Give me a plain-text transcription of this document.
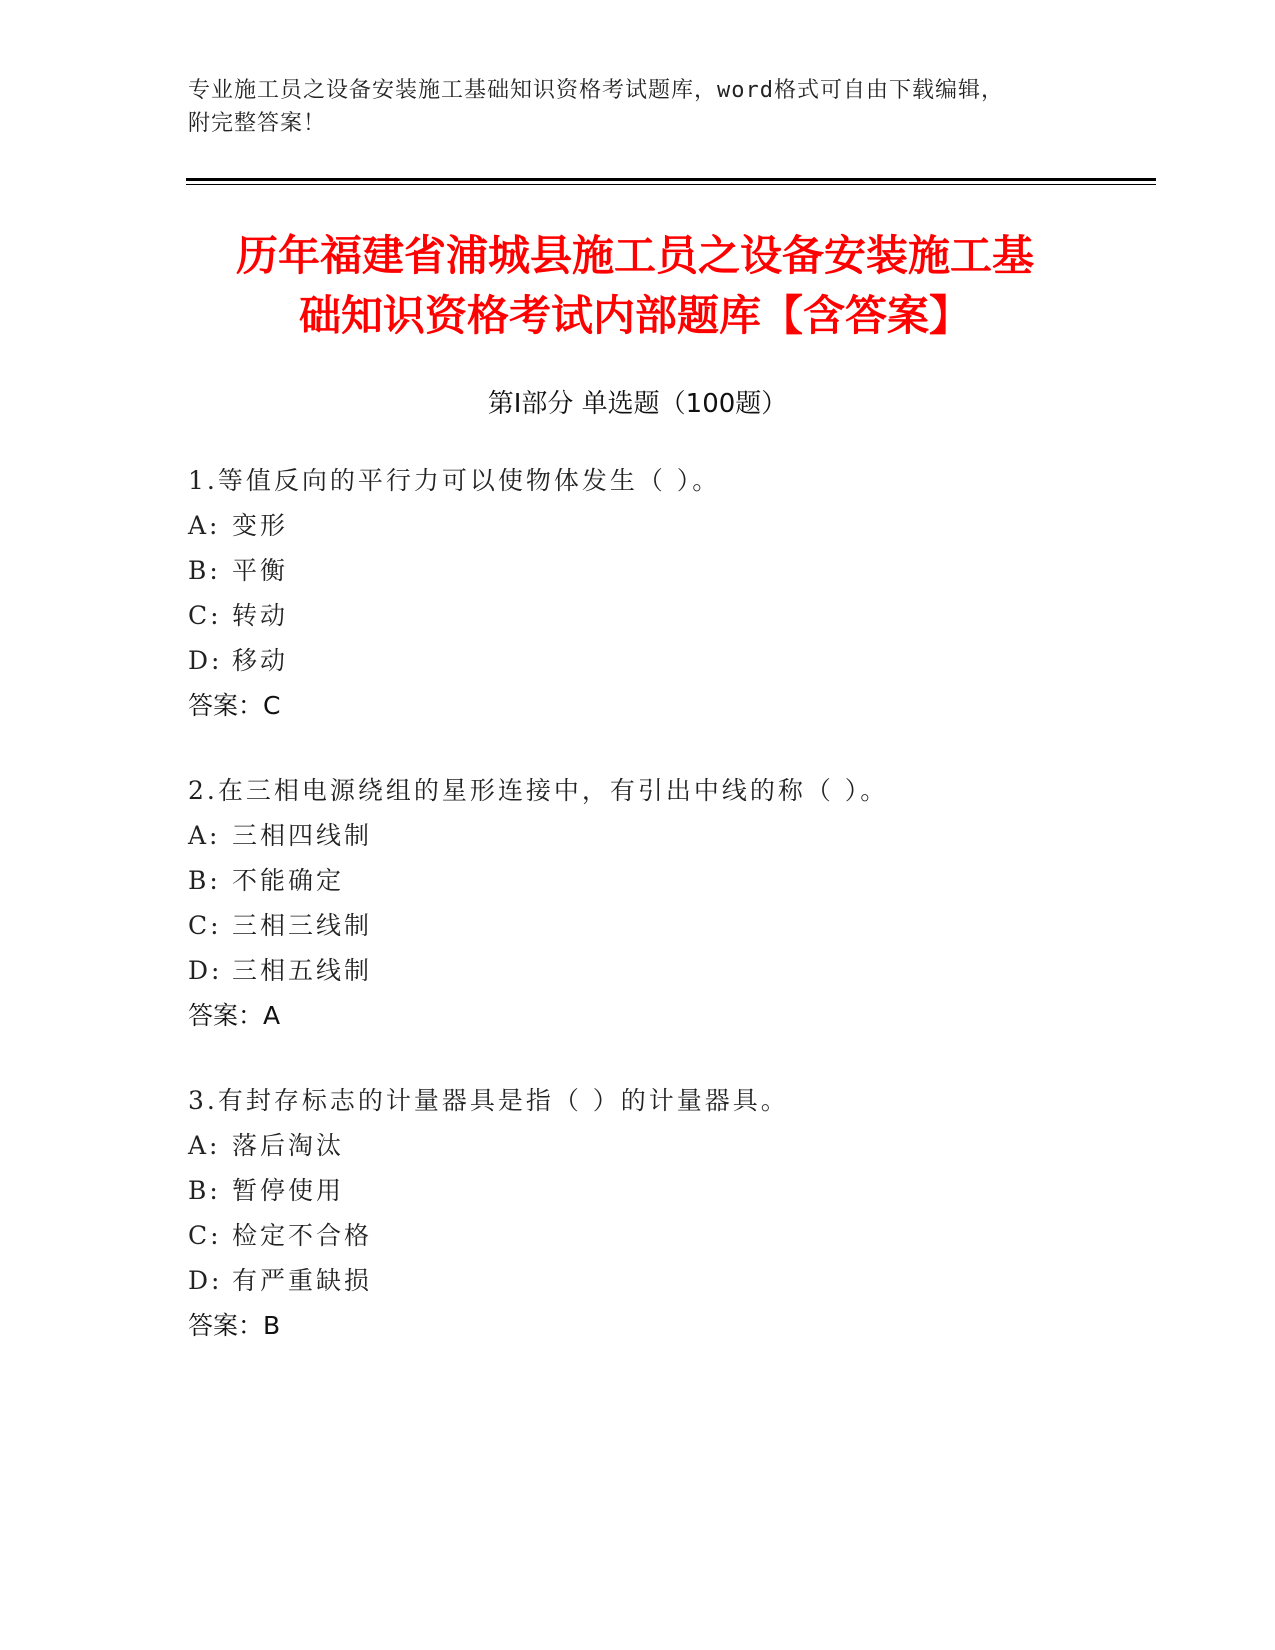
专业施工员之设备安装施工基础知识资格考试题库，word格式可自由下载编辑，
附完整答案！
历年福建省浦城县施工员之设备安装施工基
础知识资格考试内部题库【含答案】
第Ⅰ部分 单选题（100题）
1.等值反向的平行力可以使物体发生（ ）。
A: 变形
B: 平衡
C: 转动
D: 移动
答案：C
2.在三相电源绕组的星形连接中，有引出中线的称（ ）。
A: 三相四线制
B: 不能确定
C: 三相三线制
D: 三相五线制
答案：A
3.有封存标志的计量器具是指（ ）的计量器具。
A: 落后淘汰
B: 暂停使用
C: 检定不合格
D: 有严重缺损
答案：B
